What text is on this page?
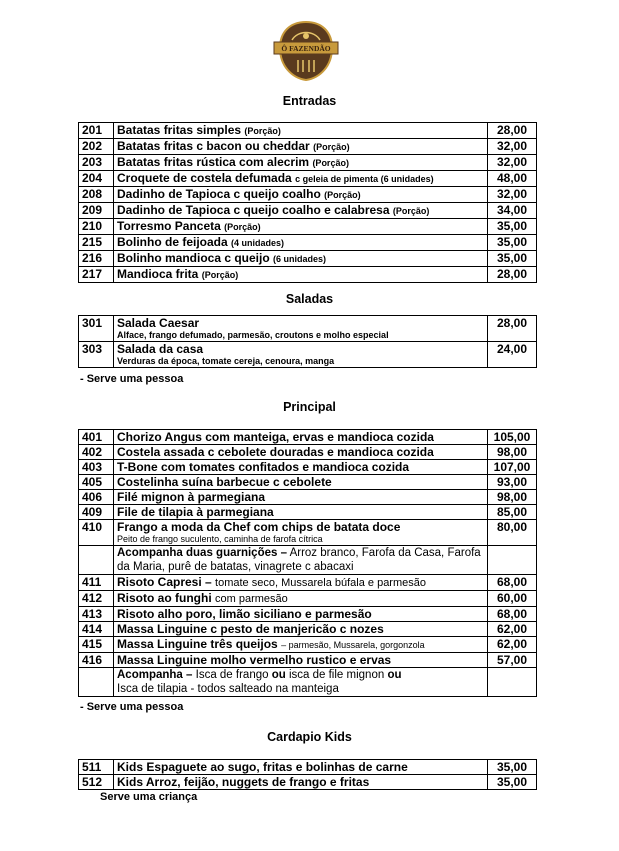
Ô FAZENDÃO
Entradas
201	Batatas fritas simples (Porção)	28,00
202	Batatas fritas c bacon ou cheddar (Porção)	32,00
203	Batatas fritas rústica com alecrim (Porção)	32,00
204	Croquete de costela defumada c geleia de pimenta (6 unidades)	48,00
208	Dadinho de Tapioca c queijo coalho (Porção)	32,00
209	Dadinho de Tapioca c queijo coalho e calabresa (Porção)	34,00
210	Torresmo Panceta (Porção)	35,00
215	Bolinho de feijoada (4 unidades)	35,00
216	Bolinho mandioca c queijo (6 unidades)	35,00
217	Mandioca frita (Porção)	28,00
Saladas
301	Salada Caesar
Alface, frango defumado, parmesão, croutons e molho especial	28,00
303	Salada da casa
Verduras da época, tomate cereja, cenoura, manga	24,00
- Serve uma pessoa
Principal
401	Chorizo Angus com manteiga, ervas e mandioca cozida	105,00
402	Costela assada c cebolete douradas e mandioca cozida	98,00
403	T-Bone com tomates confitados e mandioca cozida	107,00
405	Costelinha suína barbecue c cebolete	93,00
406	Filé mignon à parmegiana	98,00
409	File de tilapia à parmegiana	85,00
410	Frango a moda da Chef com chips de batata doce
Peito de frango suculento, caminha de farofa cítrica	80,00
	Acompanha duas guarnições – Arroz branco, Farofa da Casa, Farofa da Maria, purê de batatas, vinagrete c abacaxi	
411	Risoto Capresi – tomate seco, Mussarela búfala e parmesão	68,00
412	Risoto ao funghi com parmesão	60,00
413	Risoto alho poro, limão siciliano e parmesão	68,00
414	Massa Linguine c pesto de manjericão c nozes	62,00
415	Massa Linguine três queijos – parmesão, Mussarela, gorgonzola	62,00
416	Massa Linguine molho vermelho rustico e ervas	57,00
	Acompanha – Isca de frango ou isca de file mignon ou
Isca de tilapia - todos salteado na manteiga	
- Serve uma pessoa
Cardapio Kids
511	Kids Espaguete ao sugo, fritas e bolinhas de carne	35,00
512	Kids Arroz, feijão, nuggets de frango e fritas	35,00
Serve uma criança
